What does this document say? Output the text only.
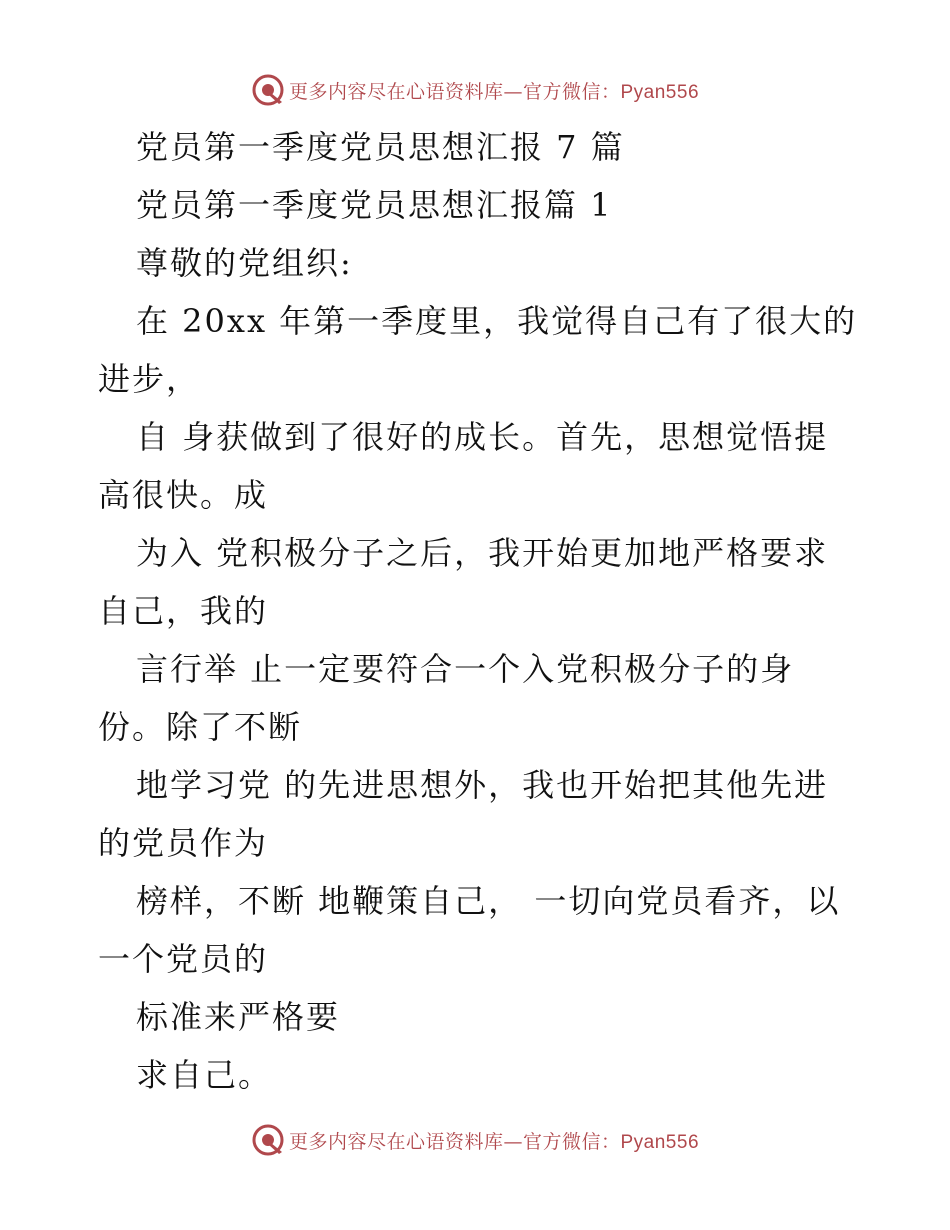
更多内容尽在心语资料库—官方微信：Pyan556
党员第一季度党员思想汇报 7 篇
党员第一季度党员思想汇报篇 1
尊敬的党组织:
在 20xx 年第一季度里，我觉得自己有了很大的
进步，
自 身获做到了很好的成长。首先，思想觉悟提
高很快。成
为入 党积极分子之后，我开始更加地严格要求
自己，我的
言行举 止一定要符合一个入党积极分子的身
份。除了不断
地学习党 的先进思想外，我也开始把其他先进
的党员作为
榜样，不断 地鞭策自己， 一切向党员看齐，以
一个党员的
标准来严格要
求自己。
更多内容尽在心语资料库—官方微信：Pyan556
